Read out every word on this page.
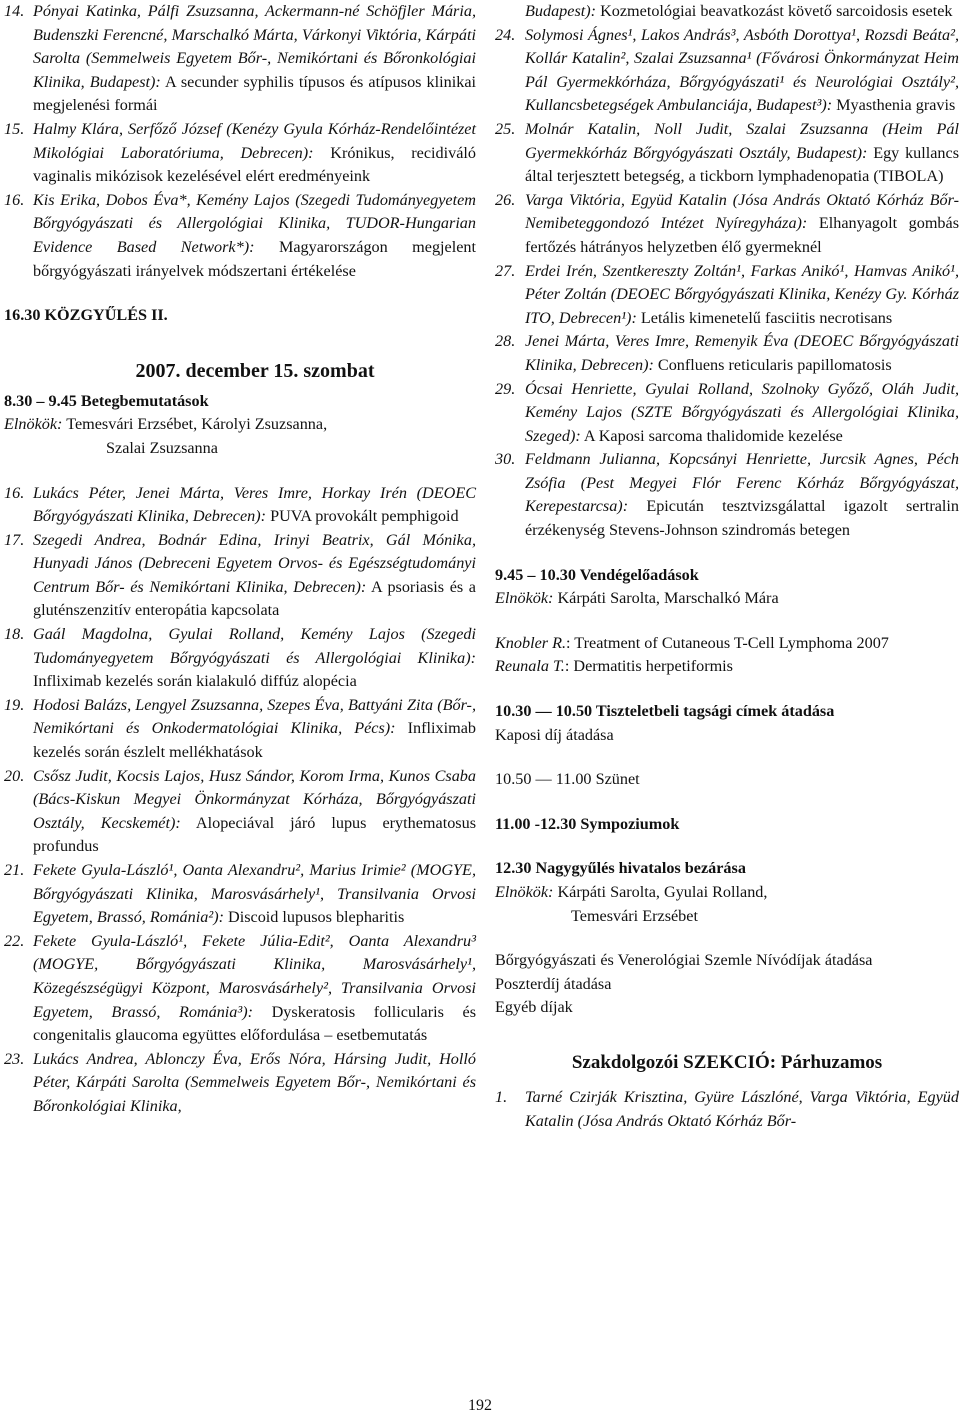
14. Pónyai Katinka, Pálfi Zsuzsanna, Ackermann-né Schöfjler Mária, Budenszki Ferencné, Marschalkó Márta, Várkonyi Viktória, Kárpáti Sarolta (Semmelweis Egyetem Bőr-, Nemikórtani és Bőronkológiai Klinika, Budapest): A secunder syphilis típusos és atípusos klinikai megjelenési formái
15. Halmy Klára, Serfőző József (Kenézy Gyula Kórház-Rendelőintézet Mikológiai Laboratóriuma, Debrecen): Krónikus, recidiváló vaginalis mikózisok kezelésével elért eredményeink
16. Kis Erika, Dobos Éva*, Kemény Lajos (Szegedi Tudományegyetem Bőrgyógyászati és Allergológiai Klinika, TUDOR-Hungarian Evidence Based Network*): Magyarországon megjelent bőrgyógyászati irányelvek módszertani értékelése
16.30 KÖZGYŰLÉS II.
2007. december 15. szombat
8.30 – 9.45 Betegbemutatások
Elnökök: Temesvári Erzsébet, Károlyi Zsuzsanna,
Szalai Zsuzsanna
16. Lukács Péter, Jenei Márta, Veres Imre, Horkay Irén (DEOEC Bőrgyógyászati Klinika, Debrecen): PUVA provokált pemphigoid
17. Szegedi Andrea, Bodnár Edina, Irinyi Beatrix, Gál Mónika, Hunyadi János (Debreceni Egyetem Orvos- és Egészségtudományi Centrum Bőr- és Nemikórtani Klinika, Debrecen): A psoriasis és a gluténszenzitív enteropátia kapcsolata
18. Gaál Magdolna, Gyulai Rolland, Kemény Lajos (Szegedi Tudományegyetem Bőrgyógyászati és Allergológiai Klinika): Infliximab kezelés során kialakuló diffúz alopécia
19. Hodosi Balázs, Lengyel Zsuzsanna, Szepes Éva, Battyáni Zita (Bőr-, Nemikórtani és Onkodermatológiai Klinika, Pécs): Infliximab kezelés során észlelt mellékhatások
20. Csősz Judit, Kocsis Lajos, Husz Sándor, Korom Irma, Kunos Csaba (Bács-Kiskun Megyei Önkormányzat Kórháza, Bőrgyógyászati Osztály, Kecskemét): Alopeciával járó lupus erythematosus profundus
21. Fekete Gyula-László¹, Oanta Alexandru², Marius Irimie² (MOGYE, Bőrgyógyászati Klinika, Marosvásárhely¹, Transilvania Orvosi Egyetem, Brassó, Románia²): Discoid lupusos blepharitis
22. Fekete Gyula-László¹, Fekete Júlia-Edit², Oanta Alexandru³ (MOGYE, Bőrgyógyászati Klinika, Marosvásárhely¹, Közegészségügyi Központ, Marosvásárhely², Transilvania Orvosi Egyetem, Brassó, Románia³): Dyskeratosis follicularis és congenitalis glaucoma együttes előfordulása – esetbemutatás
23. Lukács Andrea, Ablonczy Éva, Erős Nóra, Hársing Judit, Holló Péter, Kárpáti Sarolta (Semmelweis Egyetem Bőr-, Nemikórtani és Bőronkológiai Klinika,
Budapest): Kozmetológiai beavatkozást követő sarcoidosis esetek
24. Solymosi Ágnes¹, Lakos András³, Asbóth Dorottya¹, Rozsdi Beáta², Kollár Katalin², Szalai Zsuzsanna¹ (Fővárosi Önkormányzat Heim Pál Gyermekkórháza, Bőrgyógyászati¹ és Neurológiai Osztály², Kullancsbetegségek Ambulanciája, Budapest³): Myasthenia gravis
25. Molnár Katalin, Noll Judit, Szalai Zsuzsanna (Heim Pál Gyermekkórház Bőrgyógyászati Osztály, Budapest): Egy kullancs által terjesztett betegség, a tickborn lymphadenopatia (TIBOLA)
26. Varga Viktória, Együd Katalin (Jósa András Oktató Kórház Bőr-Nemibeteggondozó Intézet Nyíregyháza): Elhanyagolt gombás fertőzés hátrányos helyzetben élő gyermeknél
27. Erdei Irén, Szentkereszty Zoltán¹, Farkas Anikó¹, Hamvas Anikó¹, Péter Zoltán (DEOEC Bőrgyógyászati Klinika, Kenézy Gy. Kórház ITO, Debrecen¹): Letális kimenetelű fasciitis necrotisans
28. Jenei Márta, Veres Imre, Remenyik Éva (DEOEC Bőrgyógyászati Klinika, Debrecen): Confluens reticularis papillomatosis
29. Ócsai Henriette, Gyulai Rolland, Szolnoky Győző, Oláh Judit, Kemény Lajos (SZTE Bőrgyógyászati és Allergológiai Klinika, Szeged): A Kaposi sarcoma thalidomide kezelése
30. Feldmann Julianna, Kopcsányi Henriette, Jurcsik Agnes, Péch Zsófia (Pest Megyei Flór Ferenc Kórház Bőrgyógyászat, Kerepestarcsa): Epicután tesztvizsgálattal igazolt sertralin érzékenység Stevens-Johnson szindromás betegen
9.45 – 10.30 Vendégelőadások
Elnökök: Kárpáti Sarolta, Marschalkó Mára
Knobler R.: Treatment of Cutaneous T-Cell Lymphoma 2007
Reunala T.: Dermatitis herpetiformis
10.30 — 10.50 Tiszteletbeli tagsági címek átadása
Kaposi díj átadása
10.50 — 11.00 Szünet
11.00 -12.30 Sympoziumok
12.30 Nagygyűlés hivatalos bezárása
Elnökök: Kárpáti Sarolta, Gyulai Rolland,
Temesvári Erzsébet
Bőrgyógyászati és Venerológiai Szemle Nívódíjak átadása
Poszterdíj átadása
Egyéb díjak
Szakdolgozói SZEKCIÓ: Párhuzamos
1. Tarné Czirják Krisztina, Gyüre Lászlóné, Varga Viktória, Együd Katalin (Jósa András Oktató Kórház Bőr-
192
